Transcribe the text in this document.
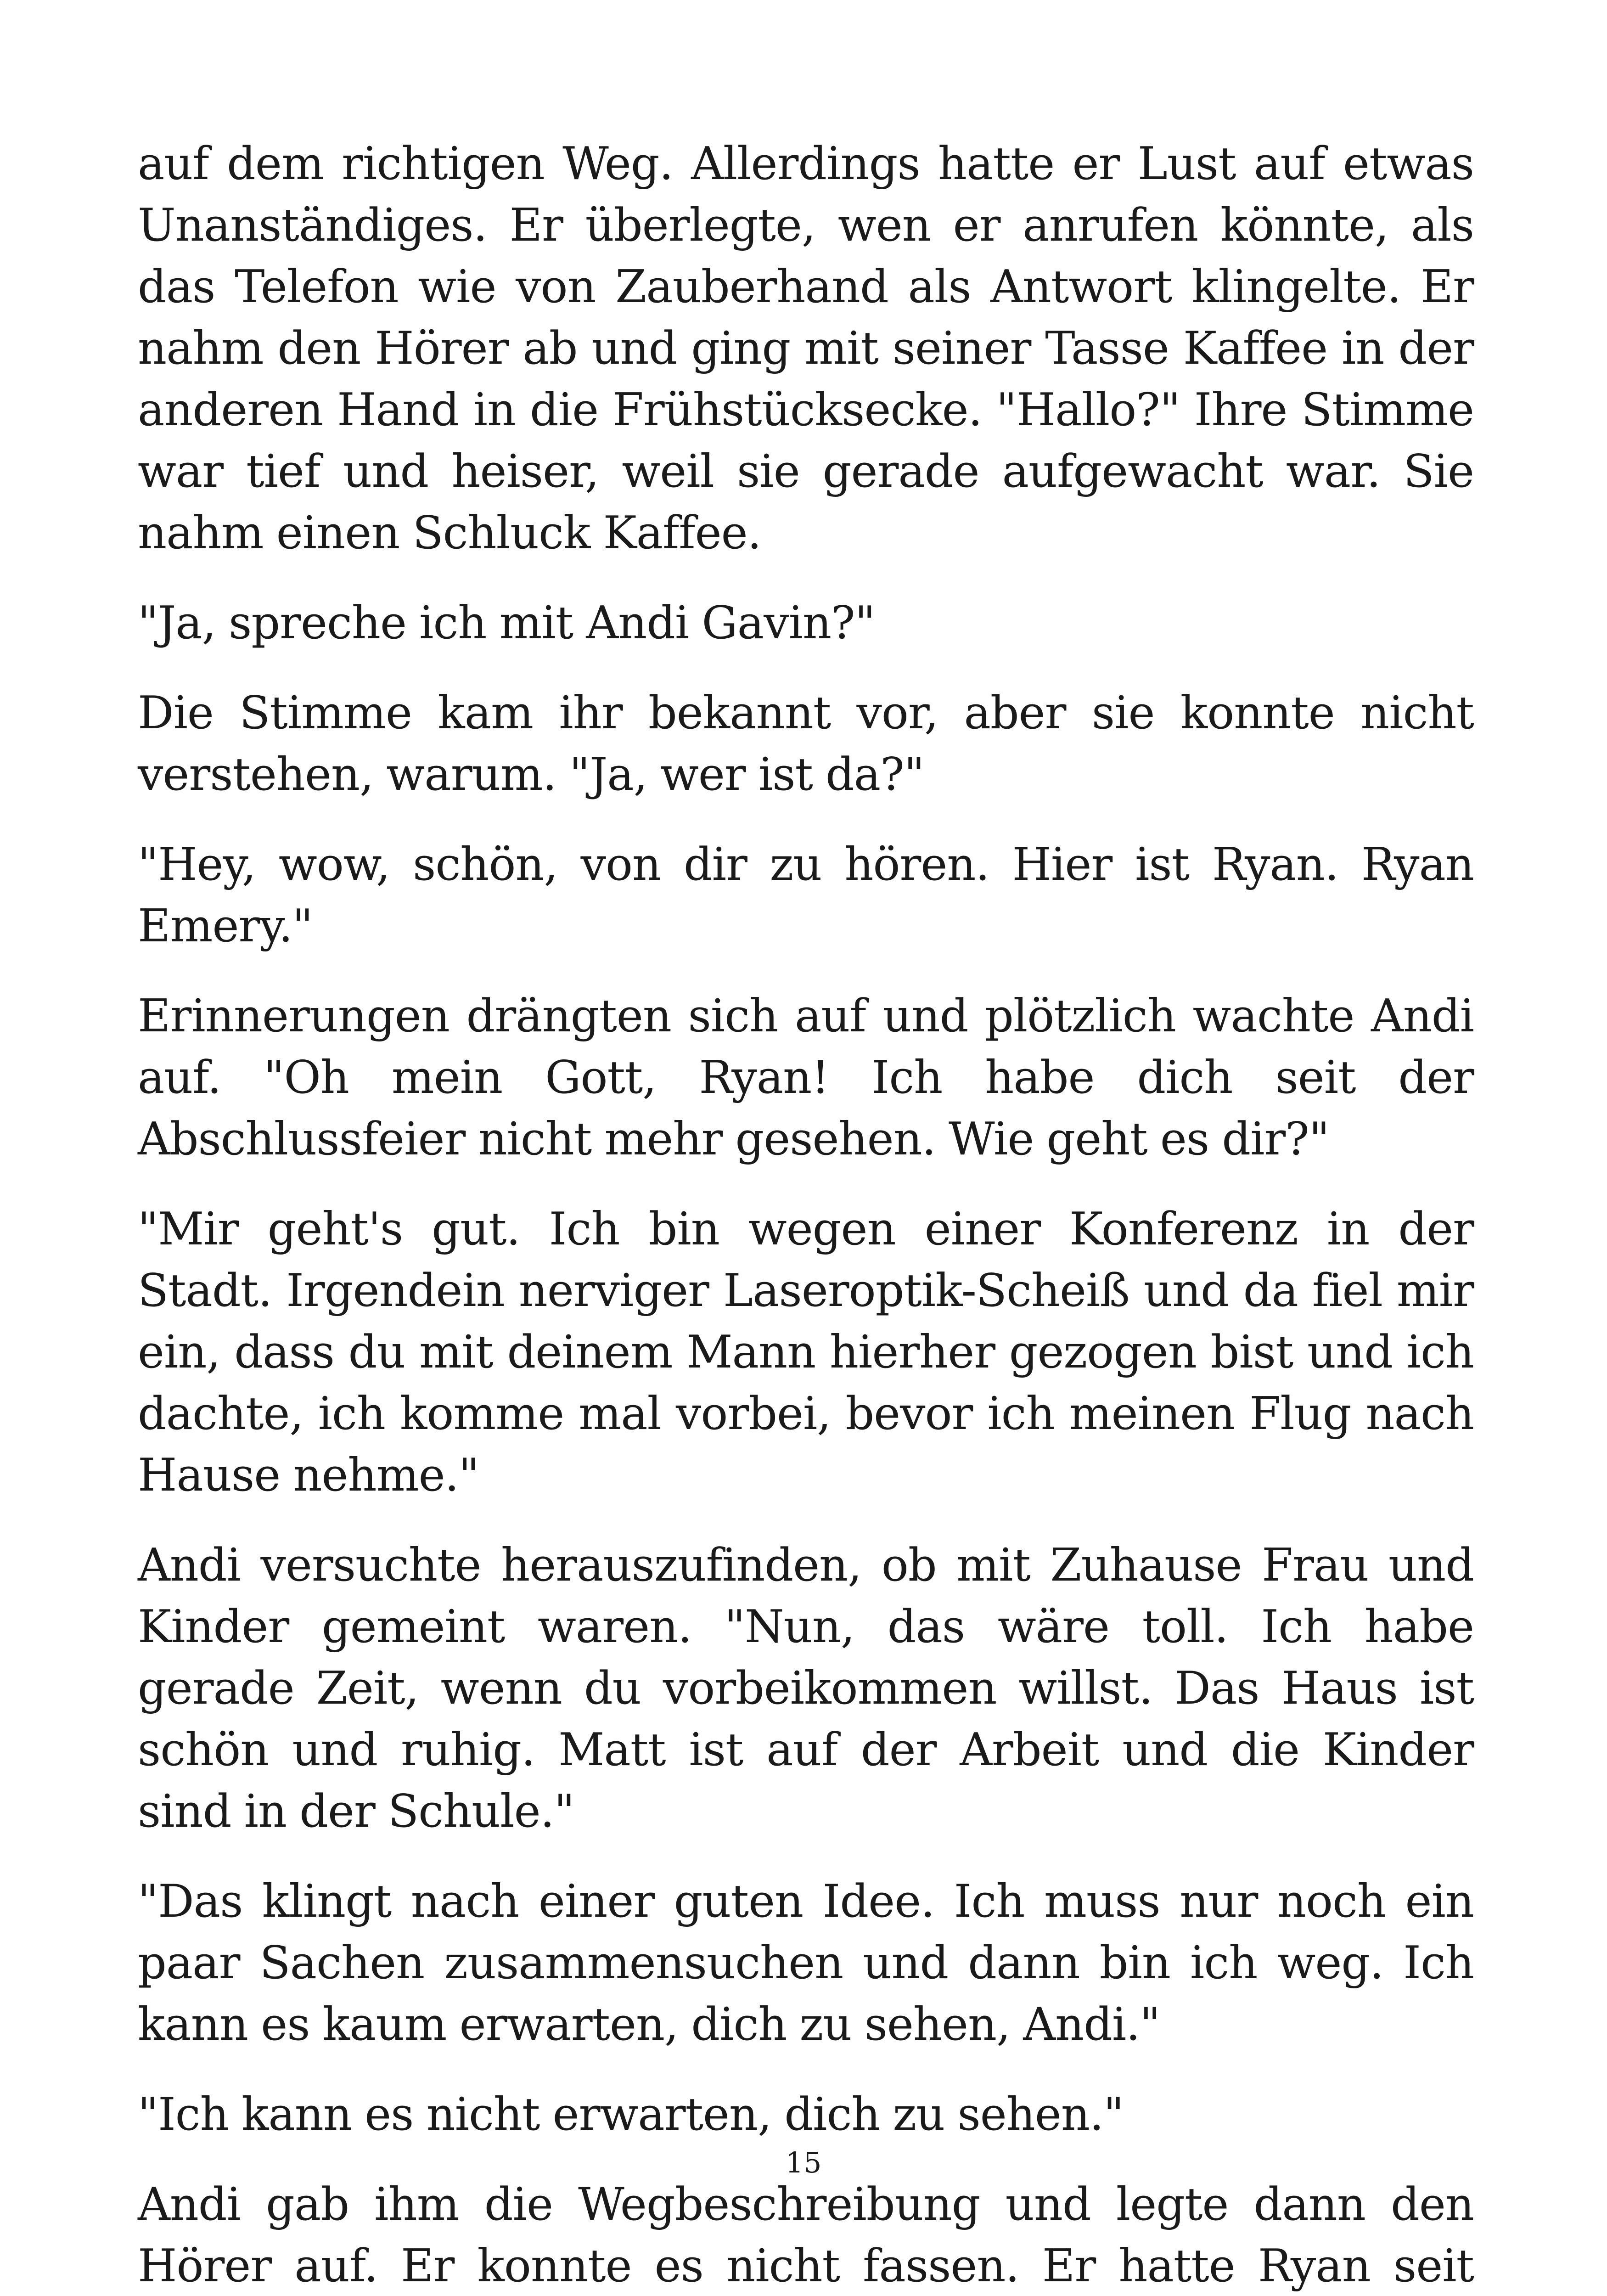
auf dem richtigen Weg. Allerdings hatte er Lust auf etwas Unanständiges. Er überlegte, wen er anrufen könnte, als das Telefon wie von Zauberhand als Antwort klingelte. Er nahm den Hörer ab und ging mit seiner Tasse Kaffee in der anderen Hand in die Frühstücksecke. "Hallo?" Ihre Stimme war tief und heiser, weil sie gerade aufgewacht war. Sie nahm einen Schluck Kaffee.

"Ja, spreche ich mit Andi Gavin?"

Die Stimme kam ihr bekannt vor, aber sie konnte nicht verstehen, warum. "Ja, wer ist da?"

"Hey, wow, schön, von dir zu hören. Hier ist Ryan. Ryan Emery."

Erinnerungen drängten sich auf und plötzlich wachte Andi auf. "Oh mein Gott, Ryan! Ich habe dich seit der Abschlussfeier nicht mehr gesehen. Wie geht es dir?"

"Mir geht's gut. Ich bin wegen einer Konferenz in der Stadt. Irgendein nerviger Laseroptik-Scheiß und da fiel mir ein, dass du mit deinem Mann hierher gezogen bist und ich dachte, ich komme mal vorbei, bevor ich meinen Flug nach Hause nehme."

Andi versuchte herauszufinden, ob mit Zuhause Frau und Kinder gemeint waren. "Nun, das wäre toll. Ich habe gerade Zeit, wenn du vorbeikommen willst. Das Haus ist schön und ruhig. Matt ist auf der Arbeit und die Kinder sind in der Schule."

"Das klingt nach einer guten Idee. Ich muss nur noch ein paar Sachen zusammensuchen und dann bin ich weg. Ich kann es kaum erwarten, dich zu sehen, Andi."

"Ich kann es nicht erwarten, dich zu sehen."

Andi gab ihm die Wegbeschreibung und legte dann den Hörer auf. Er konnte es nicht fassen. Er hatte Ryan seit

15
